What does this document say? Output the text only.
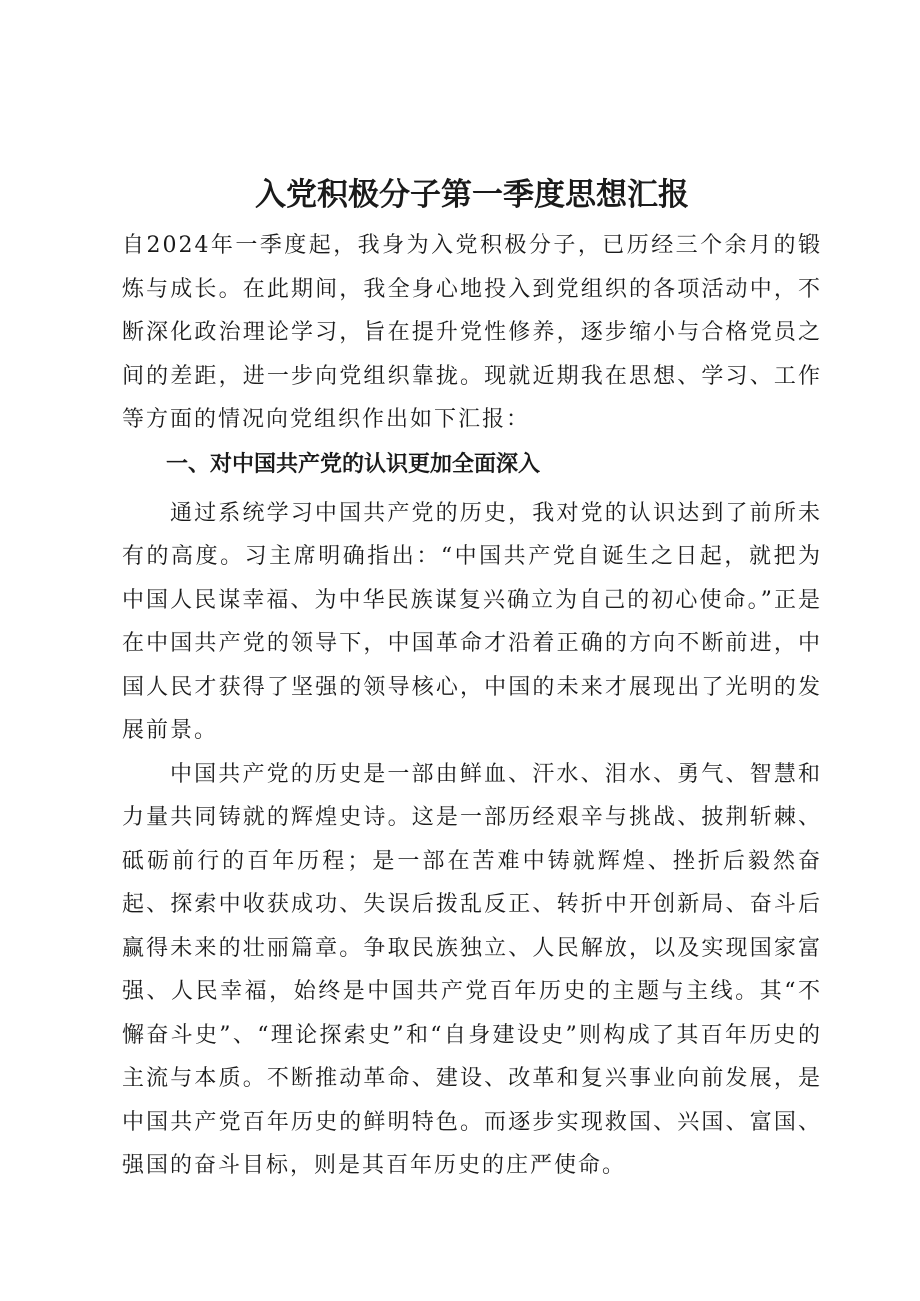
入党积极分子第一季度思想汇报

自2024年一季度起，我身为入党积极分子，已历经三个余月的锻炼与成长。在此期间，我全身心地投入到党组织的各项活动中，不断深化政治理论学习，旨在提升党性修养，逐步缩小与合格党员之间的差距，进一步向党组织靠拢。现就近期我在思想、学习、工作等方面的情况向党组织作出如下汇报：

一、对中国共产党的认识更加全面深入

通过系统学习中国共产党的历史，我对党的认识达到了前所未有的高度。习主席明确指出：“中国共产党自诞生之日起，就把为中国人民谋幸福、为中华民族谋复兴确立为自己的初心使命。”正是在中国共产党的领导下，中国革命才沿着正确的方向不断前进，中国人民才获得了坚强的领导核心，中国的未来才展现出了光明的发展前景。

中国共产党的历史是一部由鲜血、汗水、泪水、勇气、智慧和力量共同铸就的辉煌史诗。这是一部历经艰辛与挑战、披荆斩棘、砥砺前行的百年历程；是一部在苦难中铸就辉煌、挫折后毅然奋起、探索中收获成功、失误后拨乱反正、转折中开创新局、奋斗后赢得未来的壮丽篇章。争取民族独立、人民解放，以及实现国家富强、人民幸福，始终是中国共产党百年历史的主题与主线。其“不懈奋斗史”、“理论探索史”和“自身建设史”则构成了其百年历史的主流与本质。不断推动革命、建设、改革和复兴事业向前发展，是中国共产党百年历史的鲜明特色。而逐步实现救国、兴国、富国、强国的奋斗目标，则是其百年历史的庄严使命。
